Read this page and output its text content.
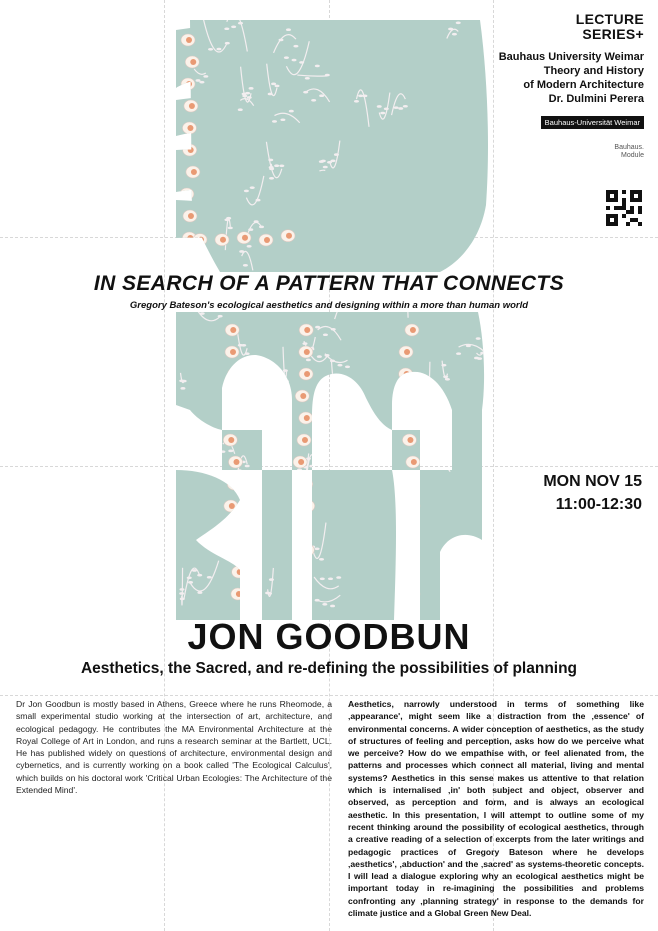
LECTURE
SERIES+
Bauhaus University Weimar
Theory and History
of Modern Architecture
Dr. Dulmini Perera
Bauhaus-Universität Weimar
Bauhaus.
Module
IN SEARCH OF A PATTERN THAT CONNECTS
Gregory Bateson's ecological aesthetics and designing within a more than human world
MON NOV 15
11:00-12:30
JON GOODBUN
Aesthetics, the Sacred, and re-defining the possibilities of planning
Dr Jon Goodbun is mostly based in Athens, Greece where he runs Rheomode, a small experimental studio working at the intersection of art, architecture, and ecological pedagogy. He contributes the MA Environmental Architecture at the Royal College of Art in London, and runs a research seminar at the Bartlett, UCL. He has published widely on questions of architecture, environmental design and cybernetics, and is currently working on a book called 'The Ecological Calculus', which builds on his doctoral work 'Critical Urban Ecologies: The Architecture of the Extended Mind'.
Aesthetics, narrowly understood in terms of something like ‚appearance', might seem like a distraction from the ‚essence' of environmental concerns. A wider conception of aesthetics, as the study of structures of feeling and perception, asks how do we perceive what we perceive? How do we empathise with, or feel alienated from, the patterns and processes which connect all material, living and mental systems? Aesthetics in this sense makes us attentive to that relation which is internalised ‚in' both subject and object, observer and observed, as perception and form, and is always an ecological aesthetic. In this presentation, I will attempt to outline some of my recent thinking around the possibility of ecological aesthetics, through a creative reading of a selection of excerpts from the later writings and pedagogic practices of Gregory Bateson where he develops ‚aesthetics', ‚abduction' and the ‚sacred' as systems-theoretic concepts. I will lead a dialogue exploring why an ecological aesthetics might be important today in re-imagining the possibilities and problems confronting any ‚planning strategy' in response to the demands for climate justice and a Global Green New Deal.
